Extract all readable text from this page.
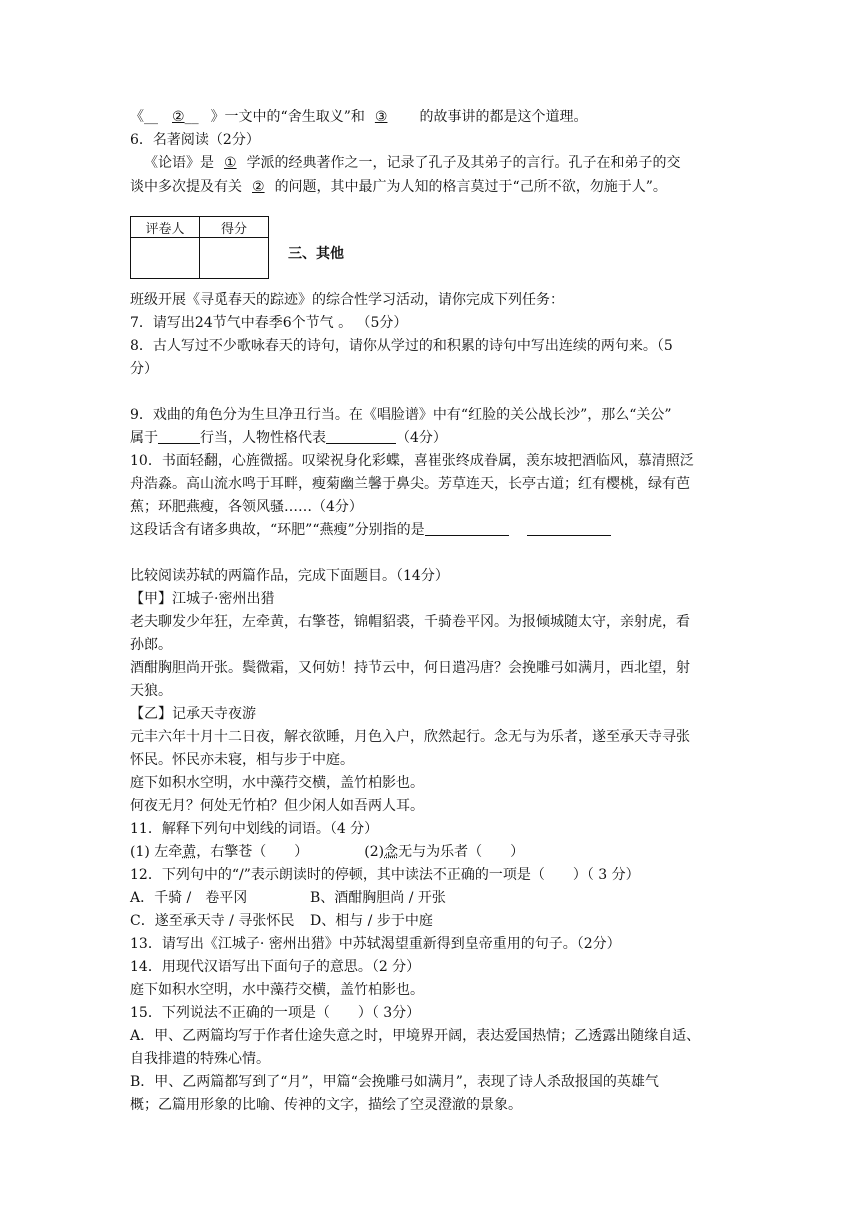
《__ ②__ 》一文中的“舍生取义”和 ③ 的故事讲的都是这个道理。
6．名著阅读（2分）
《论语》是 ① 学派的经典著作之一，记录了孔子及其弟子的言行。孔子在和弟子的交
谈中多次提及有关 ② 的问题，其中最广为人知的格言莫过于“己所不欲，勿施于人”。
评卷人	得分

三、其他
班级开展《寻觅春天的踪迹》的综合性学习活动，请你完成下列任务：
7．请写出24节气中春季6个节气 。 （5分）
8．古人写过不少歌咏春天的诗句，请你从学过的和积累的诗句中写出连续的两句来。（5
分）
9．戏曲的角色分为生旦净丑行当。在《唱脸谱》中有“红脸的关公战长沙”，那么“关公”
属于	行当，人物性格代表	（4分）
10．书面轻翻，心旌微摇。叹梁祝身化彩蝶，喜崔张终成眷属，羡东坡把酒临风，慕清照泛
舟浩淼。高山流水鸣于耳畔，瘦菊幽兰馨于鼻尖。芳草连天，长亭古道；红有樱桃，绿有芭
蕉；环肥燕瘦，各领风骚……（4分）
这段话含有诸多典故，“环肥”“燕瘦”分别指的是
比较阅读苏轼的两篇作品，完成下面题目。（14分）
【甲】江城子·密州出猎
老夫聊发少年狂，左牵黄，右擎苍，锦帽貂裘，千骑卷平冈。为报倾城随太守，亲射虎，看
孙郎。
酒酣胸胆尚开张。鬓微霜，又何妨！持节云中，何日遣冯唐？会挽雕弓如满月，西北望，射
天狼。
【乙】记承天寺夜游
元丰六年十月十二日夜，解衣欲睡，月色入户，欣然起行。念无与为乐者，遂至承天寺寻张
怀民。怀民亦未寝，相与步于中庭。
庭下如积水空明，水中藻荇交横，盖竹柏影也。
何夜无月？何处无竹柏？但少闲人如吾两人耳。
11．解释下列句中划线的词语。（4 分）
(1) 左牵黄，右擎苍（　　）	(2)念无与为乐者（　　）
12．下列句中的“/”表示朗读时的停顿，其中读法不正确的一项是（　　）（ 3 分）
A．千骑 /　卷平冈	B、酒酣胸胆尚 / 开张
C．遂至承天寺 / 寻张怀民 D、相与 / 步于中庭
13．请写出《江城子· 密州出猎》中苏轼渴望重新得到皇帝重用的句子。（2分）
14．用现代汉语写出下面句子的意思。（2 分）
庭下如积水空明，水中藻荇交横，盖竹柏影也。
15．下列说法不正确的一项是（　　）（ 3分）
A．甲、乙两篇均写于作者仕途失意之时，甲境界开阔，表达爱国热情；乙透露出随缘自适、
自我排遣的特殊心情。
B．甲、乙两篇都写到了“月”，甲篇“会挽雕弓如满月”，表现了诗人杀敌报国的英雄气
概；乙篇用形象的比喻、传神的文字，描绘了空灵澄澈的景象。
